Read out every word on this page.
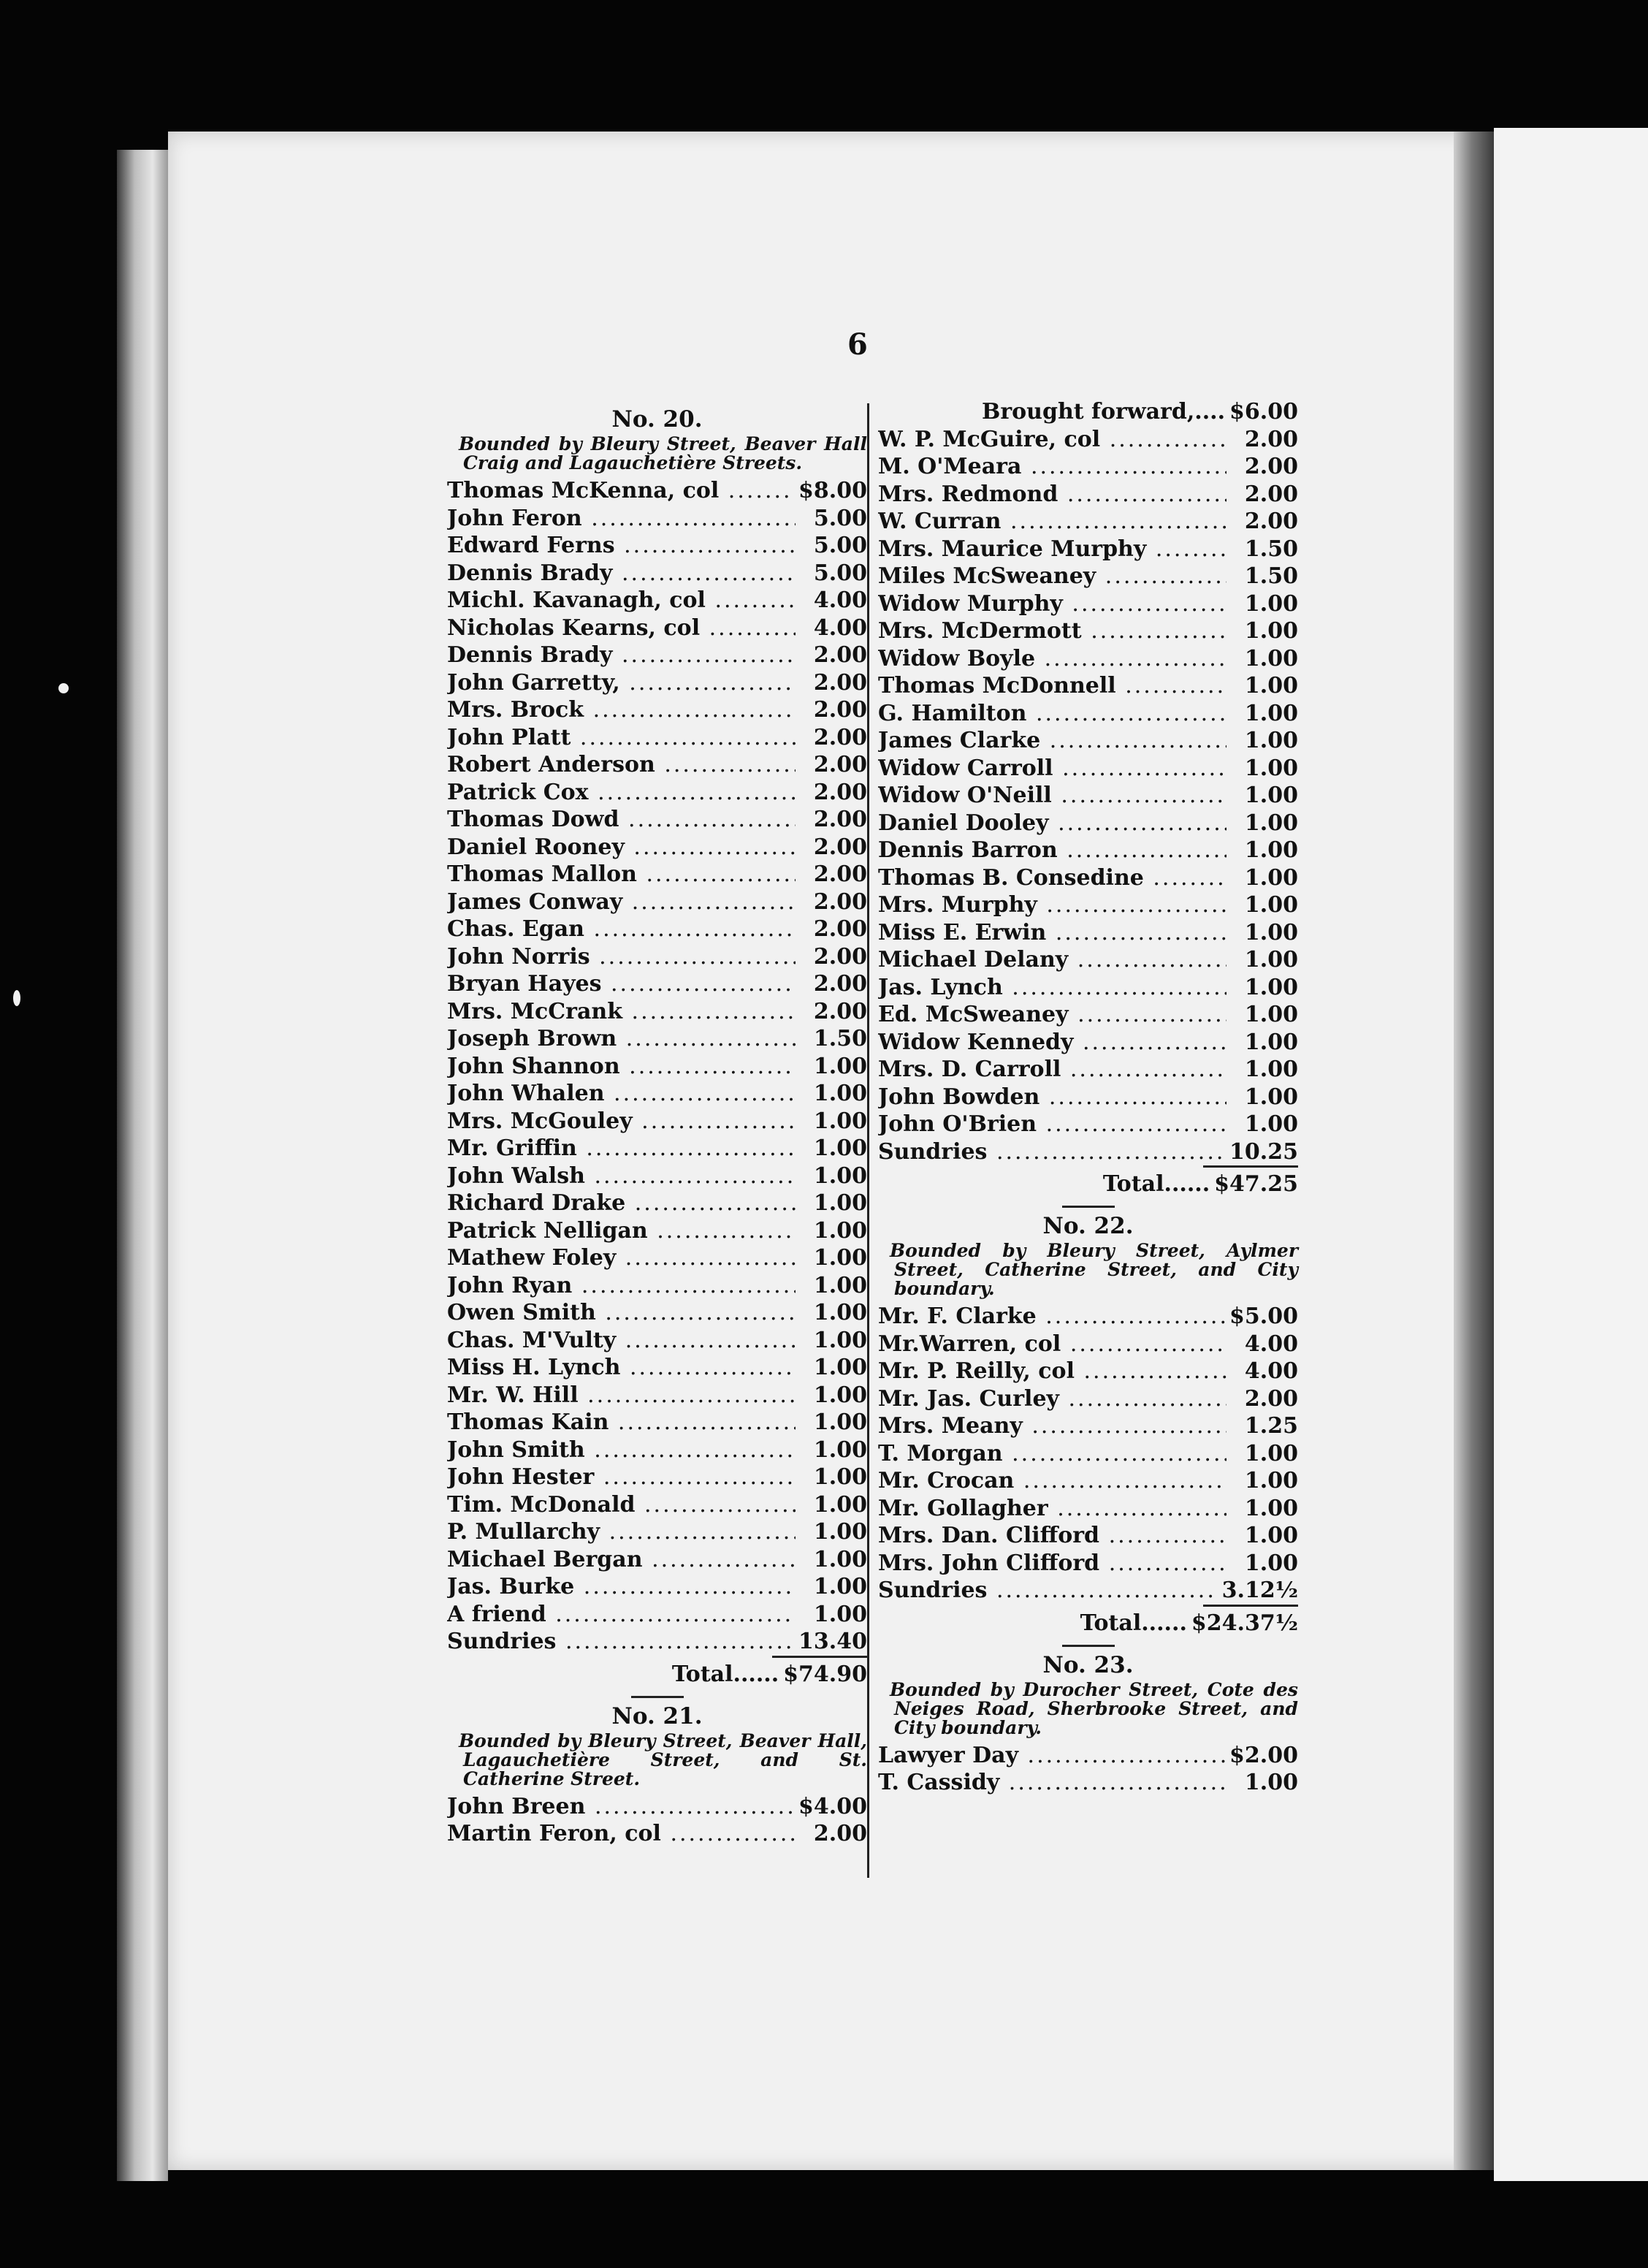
6
No. 20.
Bounded by Bleury Street, Beaver Hall Craig and Lagauchetière Streets.
Thomas McKenna, col .....	$8.00
John Feron .....	5.00
Edward Ferns .....	5.00
Dennis Brady .....	5.00
Michl. Kavanagh, col .....	4.00
Nicholas Kearns, col .....	4.00
Dennis Brady .....	2.00
John Garretty, .....	2.00
Mrs. Brock .....	2.00
John Platt .....	2.00
Robert Anderson .....	2.00
Patrick Cox .....	2.00
Thomas Dowd .....	2.00
Daniel Rooney .....	2.00
Thomas Mallon .....	2.00
James Conway .....	2.00
Chas. Egan .....	2.00
John Norris .....	2.00
Bryan Hayes .....	2.00
Mrs. McCrank .....	2.00
Joseph Brown .....	1.50
John Shannon .....	1.00
John Whalen .....	1.00
Mrs. McGouley .....	1.00
Mr. Griffin .....	1.00
John Walsh .....	1.00
Richard Drake .....	1.00
Patrick Nelligan .....	1.00
Mathew Foley .....	1.00
John Ryan .....	1.00
Owen Smith .....	1.00
Chas. M'Vulty .....	1.00
Miss H. Lynch .....	1.00
Mr. W. Hill .....	1.00
Thomas Kain .....	1.00
John Smith .....	1.00
John Hester .....	1.00
Tim. McDonald .....	1.00
P. Mullarchy .....	1.00
Michael Bergan .....	1.00
Jas. Burke .....	1.00
A friend .....	1.00
Sundries .....	13.40
Total...... $74.90
No. 21.
Bounded by Bleury Street, Beaver Hall, Lagauchetière Street, and St. Catherine Street.
John Breen .....	$4.00
Martin Feron, col .....	2.00
Brought forward,.... $6.00
W. P. McGuire, col .....	2.00
M. O'Meara .....	2.00
Mrs. Redmond .....	2.00
W. Curran .....	2.00
Mrs. Maurice Murphy .....	1.50
Miles McSweaney .....	1.50
Widow Murphy .....	1.00
Mrs. McDermott .....	1.00
Widow Boyle .....	1.00
Thomas McDonnell .....	1.00
G. Hamilton .....	1.00
James Clarke .....	1.00
Widow Carroll .....	1.00
Widow O'Neill .....	1.00
Daniel Dooley .....	1.00
Dennis Barron .....	1.00
Thomas B. Consedine .....	1.00
Mrs. Murphy .....	1.00
Miss E. Erwin .....	1.00
Michael Delany .....	1.00
Jas. Lynch .....	1.00
Ed. McSweaney .....	1.00
Widow Kennedy .....	1.00
Mrs. D. Carroll .....	1.00
John Bowden .....	1.00
John O'Brien .....	1.00
Sundries .....	10.25
Total...... $47.25
No. 22.
Bounded by Bleury Street, Aylmer Street, Catherine Street, and City boundary.
Mr. F. Clarke .....	$5.00
Mr.Warren, col .....	4.00
Mr. P. Reilly, col .....	4.00
Mr. Jas. Curley .....	2.00
Mrs. Meany .....	1.25
T. Morgan .....	1.00
Mr. Crocan .....	1.00
Mr. Gollagher .....	1.00
Mrs. Dan. Clifford .....	1.00
Mrs. John Clifford .....	1.00
Sundries .....	3.12½
Total...... $24.37½
No. 23.
Bounded by Durocher Street, Cote des Neiges Road, Sherbrooke Street, and City boundary.
Lawyer Day .....	$2.00
T. Cassidy .....	1.00
